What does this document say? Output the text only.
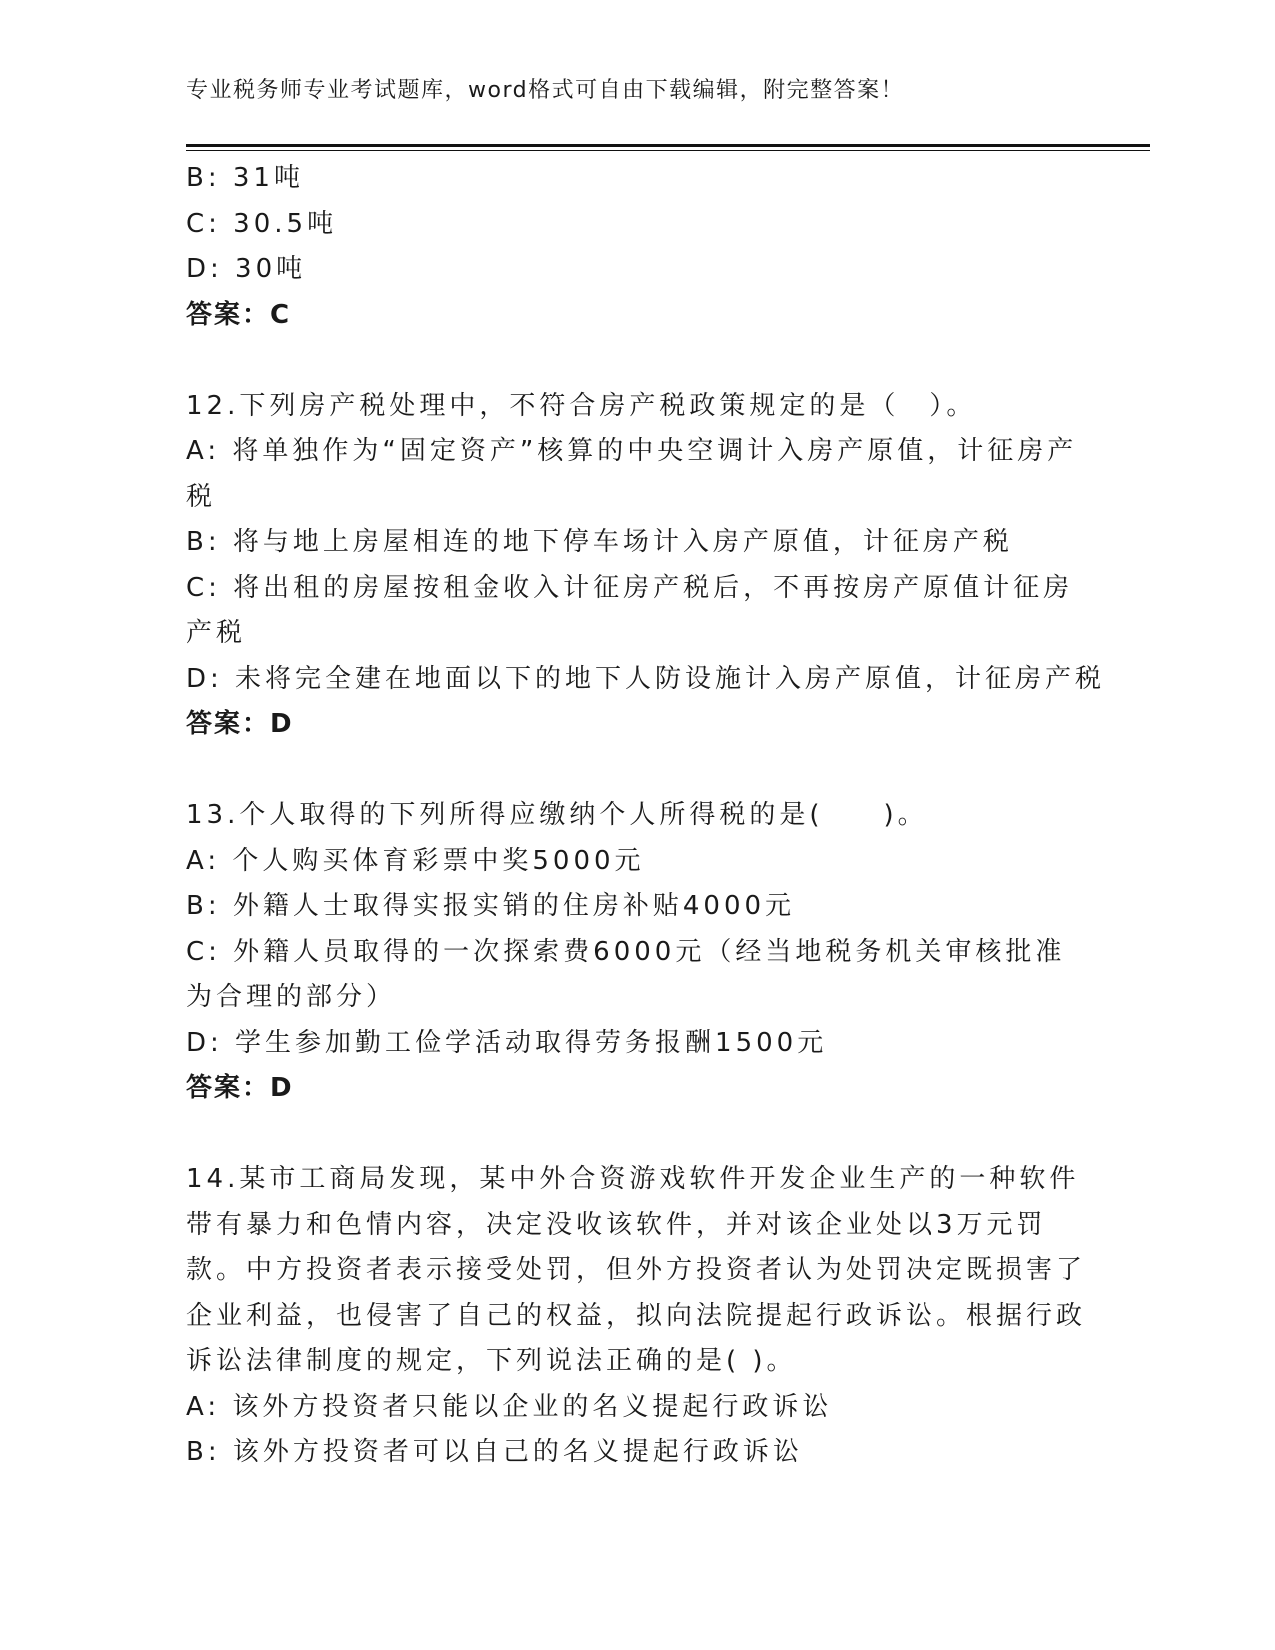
专业税务师专业考试题库，word格式可自由下载编辑，附完整答案！
B: 31吨
C: 30.5吨
D: 30吨
答案：C
12.下列房产税处理中，不符合房产税政策规定的是（　）。
A: 将单独作为“固定资产”核算的中央空调计入房产原值，计征房产税
B: 将与地上房屋相连的地下停车场计入房产原值，计征房产税
C: 将出租的房屋按租金收入计征房产税后，不再按房产原值计征房产税
D: 未将完全建在地面以下的地下人防设施计入房产原值，计征房产税
答案：D
13.个人取得的下列所得应缴纳个人所得税的是(　　)。
A: 个人购买体育彩票中奖5000元
B: 外籍人士取得实报实销的住房补贴4000元
C: 外籍人员取得的一次探索费6000元（经当地税务机关审核批准为合理的部分）
D: 学生参加勤工俭学活动取得劳务报酬1500元
答案：D
14.某市工商局发现，某中外合资游戏软件开发企业生产的一种软件带有暴力和色情内容，决定没收该软件，并对该企业处以3万元罚款。中方投资者表示接受处罚，但外方投资者认为处罚决定既损害了企业利益，也侵害了自己的权益，拟向法院提起行政诉讼。根据行政诉讼法律制度的规定，下列说法正确的是( )。
A: 该外方投资者只能以企业的名义提起行政诉讼
B: 该外方投资者可以自己的名义提起行政诉讼
